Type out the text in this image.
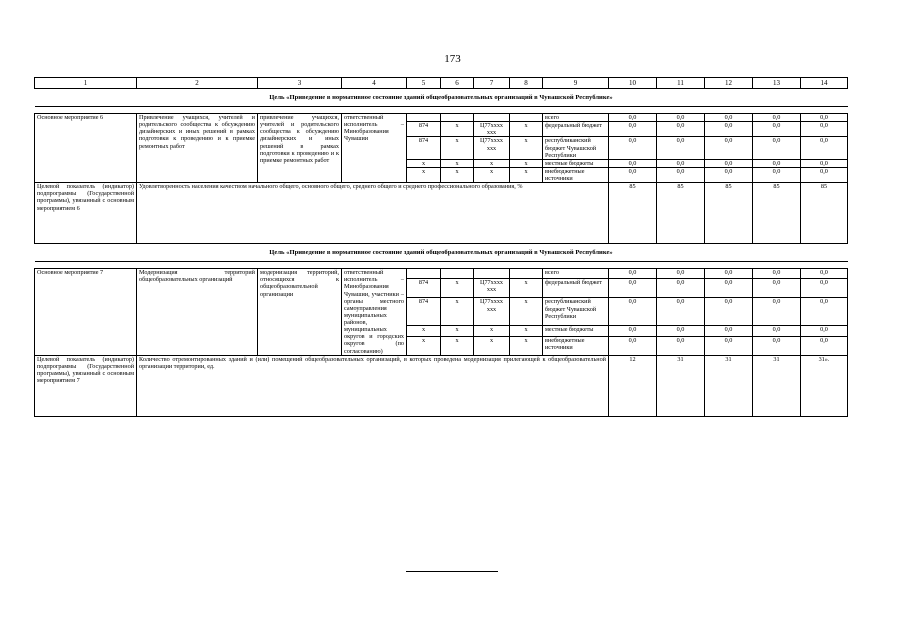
173
1	2	3	4	5	6	7	8	9	10	11	12	13	14
Цель «Приведение в нормативное состояние зданий общеобразовательных организаций в Чувашской Республике»													

Основное мероприятие 6	Привлечение учащихся, учителей и родительского сообщества к обсуждению дизайнерских и иных решений в рамках подготовки к проведению и к приемке ремонтных работ	привлечение учащихся, учителей и родительского сообщества к обсуждению дизайнерских и иных решений в рамках подготовки к проведению и к приемке ремонтных работ	ответственный исполнитель – Минобразования Чувашии					всего	0,0	0,0	0,0	0,0	0,0
				874	х	Ц77хххх ххх	х	федеральный бюджет	0,0	0,0	0,0	0,0	0,0
				874	х	Ц77хххх ххх	х	республиканский бюджет Чувашской Республики	0,0	0,0	0,0	0,0	0,0
				х	х	х	х	местные бюджеты	0,0	0,0	0,0	0,0	0,0
				х	х	х	х	внебюджетные источники	0,0	0,0	0,0	0,0	0,0
Целевой показатель (индикатор) подпрограммы (Государственной программы), увязанный с основным мероприятием 6	Удовлетворенность населения качеством начального общего, основного общего, среднего общего и среднего профессионального образования, %								85	85	85	85	85
Цель «Приведение в нормативное состояние зданий общеобразовательных организаций в Чувашской Республике»													

Основное мероприятие 7	Модернизация территорий общеобразовательных организаций	модернизация территорий, относящихся к общеобразовательной организации	ответственный исполнитель – Минобразования Чувашии, участники – органы местного самоуправления муниципальных районов, муниципальных округов и городских округов (по согласованию)					всего	0,0	0,0	0,0	0,0	0,0
				874	х	Ц77хххх ххх	х	федеральный бюджет	0,0	0,0	0,0	0,0	0,0
				874	х	Ц77хххх ххх	х	республиканский бюджет Чувашской Республики	0,0	0,0	0,0	0,0	0,0
				х	х	х	х	местные бюджеты	0,0	0,0	0,0	0,0	0,0
				х	х	х	х	внебюджетные источники	0,0	0,0	0,0	0,0	0,0
Целевой показатель (индикатор) подпрограммы (Государственной программы), увязанный с основным мероприятием 7	Количество отремонтированных зданий и (или) помещений общеобразовательных организаций, в которых проведена модернизация прилегающей к общеобразовательной организации территории, ед.								12	31	31	31	31».
